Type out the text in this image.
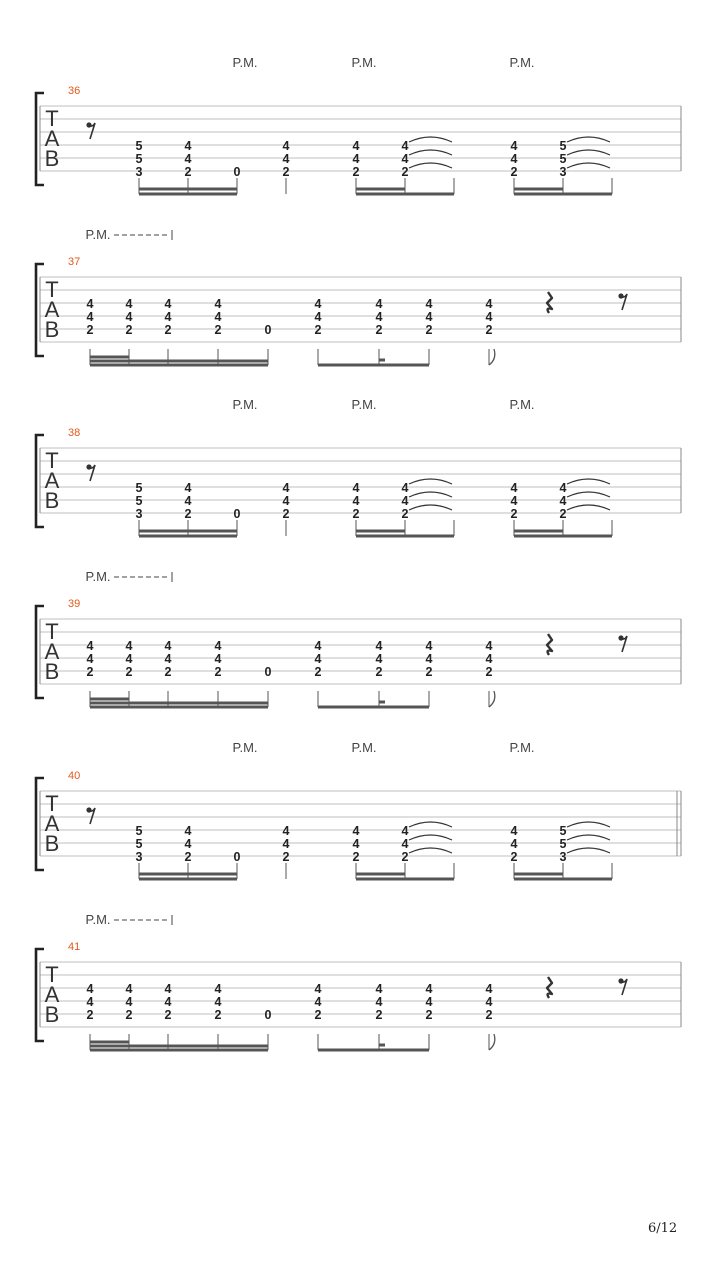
T
A
B
36
P.M.	P.M.	P.M.
5
5
3
4
4
2	0
4
4
2
4
4
2
4
4
2
4
4
2
5
5
3
T
A
B
37
P.M.
4
4
2
4
4
2
4
4
2
4
4
2	0
4
4
2
4
4
2
4
4
2
4
4
2
T
A
B
38
P.M.	P.M.	P.M.
5
5
3
4
4
2	0
4
4
2
4
4
2
4
4
2
4
4
2
4
4
2
T
A
B
39
P.M.
4
4
2
4
4
2
4
4
2
4
4
2	0
4
4
2
4
4
2
4
4
2
4
4
2
T
A
B
40
P.M.	P.M.	P.M.
5
5
3
4
4
2	0
4
4
2
4
4
2
4
4
2
4
4
2
5
5
3
T
A
B
41
P.M.
4
4
2
4
4
2
4
4
2
4
4
2	0
4
4
2
4
4
2
4
4
2
4
4
2
6/12
